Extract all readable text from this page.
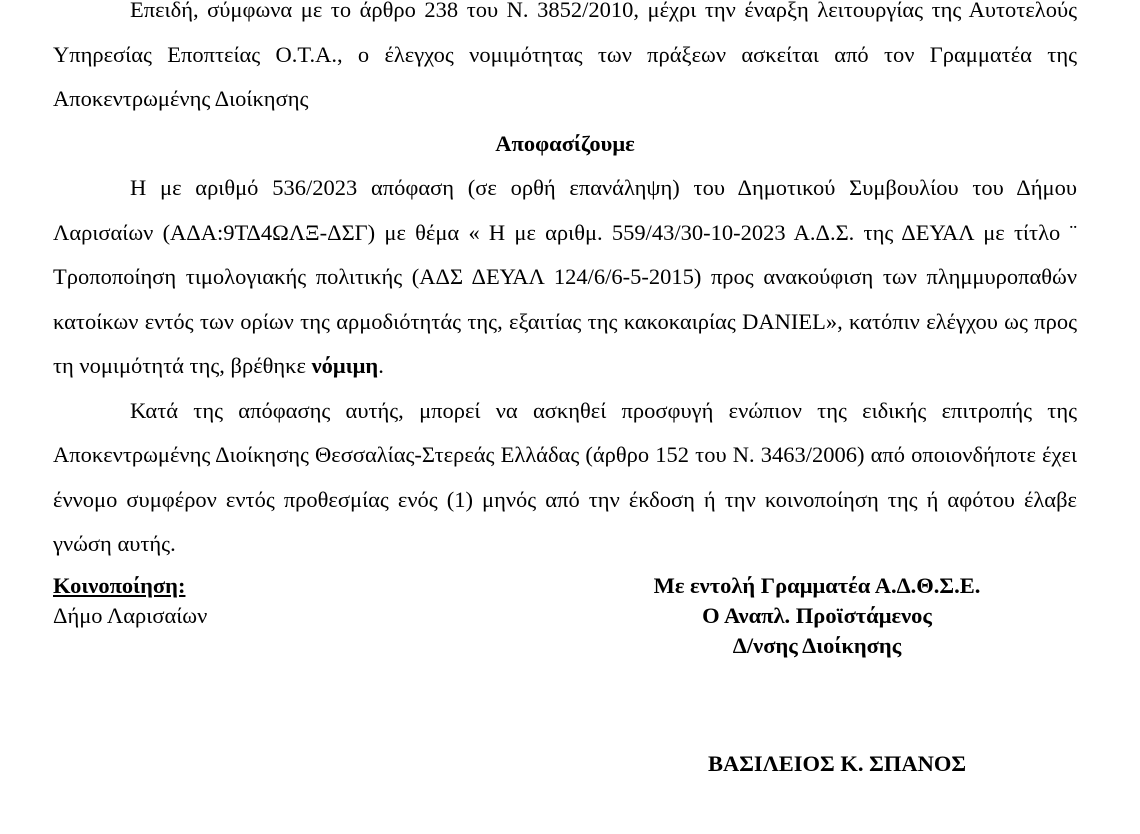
Επειδή, σύμφωνα με το άρθρο 238 του Ν. 3852/2010, μέχρι την έναρξη λειτουργίας της Αυτοτελούς Υπηρεσίας Εποπτείας Ο.Τ.Α., ο έλεγχος νομιμότητας των πράξεων ασκείται από τον Γραμματέα της Αποκεντρωμένης Διοίκησης

Αποφασίζουμε

Η με αριθμό 536/2023 απόφαση (σε ορθή επανάληψη) του Δημοτικού Συμβουλίου του Δήμου Λαρισαίων (ΑΔΑ:9ΤΔ4ΩΛΞ-ΔΣΓ) με θέμα « Η με αριθμ. 559/43/30-10-2023 Α.Δ.Σ. της ΔΕΥΑΛ με τίτλο ¨ Τροποποίηση τιμολογιακής πολιτικής (ΑΔΣ ΔΕΥΑΛ 124/6/6-5-2015) προς ανακούφιση των πλημμυροπαθών κατοίκων εντός των ορίων της αρμοδιότητάς της, εξαιτίας της κακοκαιρίας DANIEL», κατόπιν ελέγχου ως προς τη νομιμότητά της, βρέθηκε νόμιμη.

Κατά της απόφασης αυτής, μπορεί να ασκηθεί προσφυγή ενώπιον της ειδικής επιτροπής της Αποκεντρωμένης Διοίκησης Θεσσαλίας-Στερεάς Ελλάδας (άρθρο 152 του Ν. 3463/2006) από οποιονδήποτε έχει έννομο συμφέρον εντός προθεσμίας ενός (1) μηνός από την έκδοση ή την κοινοποίηση της ή αφότου έλαβε γνώση αυτής.

Κοινοποίηση:
Δήμο Λαρισαίων
Με εντολή Γραμματέα Α.Δ.Θ.Σ.Ε.
Ο Αναπλ. Προϊστάμενος
Δ/νσης Διοίκησης
ΒΑΣΙΛΕΙΟΣ Κ. ΣΠΑΝΟΣ
